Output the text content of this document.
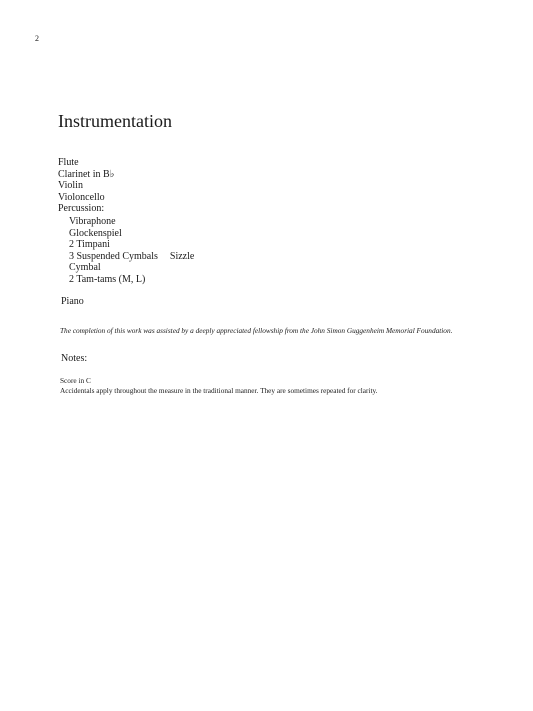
2
Instrumentation
Flute
Clarinet in B♭
Violin
Violoncello
Percussion:
Vibraphone
Glockenspiel
2 Timpani
3 Suspended Cymbals Sizzle
Cymbal
2 Tam-tams (M, L)
Piano

The completion of this work was assisted by a deeply appreciated fellowship from the John Simon Guggenheim Memorial Foundation.

Notes:
Score in C
Accidentals apply throughout the measure in the traditional manner. They are sometimes repeated for clarity.
